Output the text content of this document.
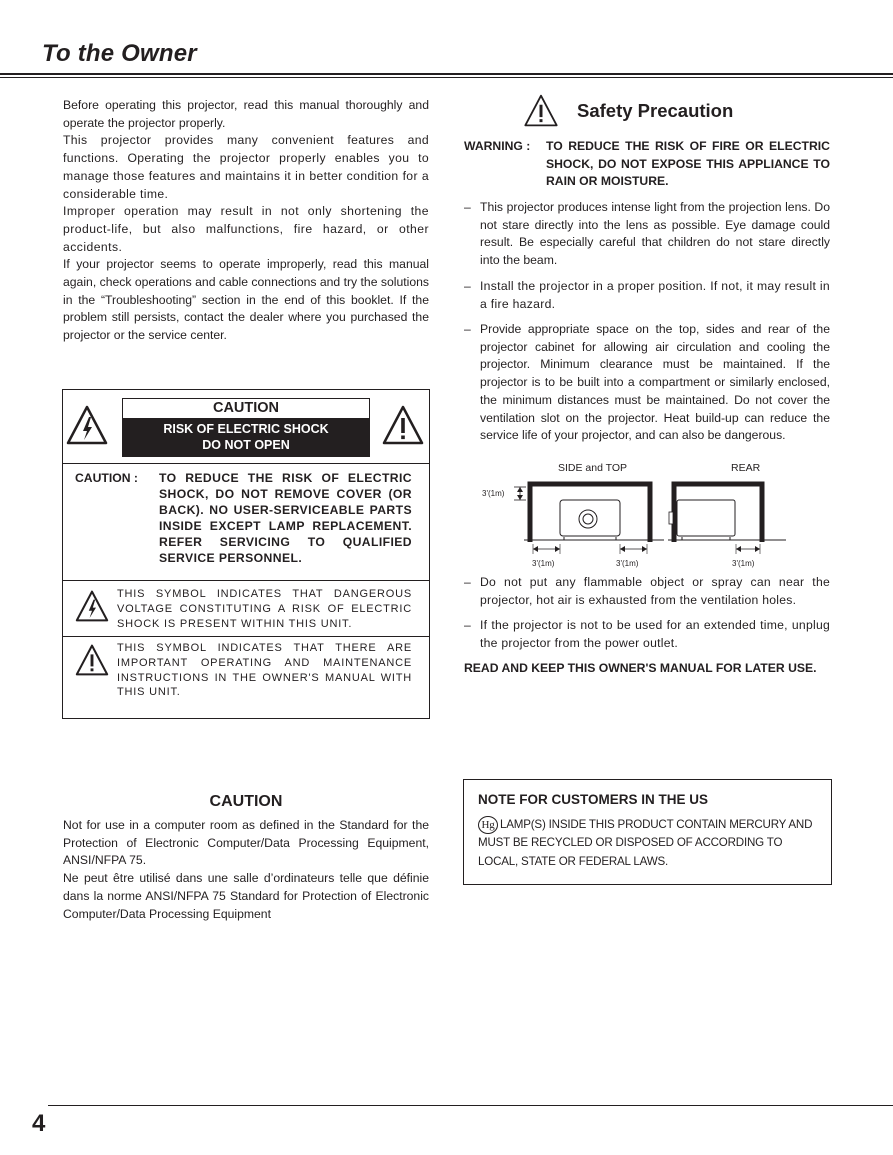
To the Owner

Before operating this projector, read this manual thoroughly and operate the projector properly.

This projector provides many convenient features and functions. Operating the projector properly enables you to manage those features and maintains it in better condition for a considerable time.

Improper operation may result in not only shortening the product-life, but also malfunctions, fire hazard, or other accidents.

If your projector seems to operate improperly, read this manual again, check operations and cable connections and try the solutions in the “Troubleshooting” section in the end of this booklet. If the problem still persists, contact the dealer where you purchased the projector or the service center.

CAUTION
RISK OF ELECTRIC SHOCK
DO NOT OPEN
CAUTION : TO REDUCE THE RISK OF ELECTRIC SHOCK, DO NOT REMOVE COVER (OR BACK). NO USER-SERVICEABLE PARTS INSIDE EXCEPT LAMP REPLACEMENT. REFER SERVICING TO QUALIFIED SERVICE PERSONNEL.
THIS SYMBOL INDICATES THAT DANGEROUS VOLTAGE CONSTITUTING A RISK OF ELECTRIC SHOCK IS PRESENT WITHIN THIS UNIT.
THIS SYMBOL INDICATES THAT THERE ARE IMPORTANT OPERATING AND MAINTENANCE INSTRUCTIONS IN THE OWNER'S MANUAL WITH THIS UNIT.
Safety Precaution
WARNING : TO REDUCE THE RISK OF FIRE OR ELECTRIC SHOCK, DO NOT EXPOSE THIS APPLIANCE TO RAIN OR MOISTURE.
– This projector produces intense light from the projection lens. Do not stare directly into the lens as possible. Eye damage could result. Be especially careful that children do not stare directly into the beam.
– Install the projector in a proper position. If not, it may result in a fire hazard.
– Provide appropriate space on the top, sides and rear of the projector cabinet for allowing air circulation and cooling the projector. Minimum clearance must be maintained. If the projector is to be built into a compartment or similarly enclosed, the minimum distances must be maintained. Do not cover the ventilation slot on the projector. Heat build-up can reduce the service life of your projector, and can also be dangerous.
SIDE and TOP	REAR
3'(1m)
3'(1m)	3'(1m)	3'(1m)
– Do not put any flammable object or spray can near the projector, hot air is exhausted from the ventilation holes.
– If the projector is not to be used for an extended time, unplug the projector from the power outlet.
READ AND KEEP THIS OWNER'S MANUAL FOR LATER USE.
CAUTION

Not for use in a computer room as defined in the Standard for the Protection of Electronic Computer/Data Processing Equipment, ANSI/NFPA 75.

Ne peut être utilisé dans une salle d’ordinateurs telle que définie dans la norme ANSI/NFPA 75 Standard for Protection of Electronic Computer/Data Processing Equipment

NOTE FOR CUSTOMERS IN THE US
Hg LAMP(S) INSIDE THIS PRODUCT CONTAIN MERCURY AND MUST BE RECYCLED OR DISPOSED OF ACCORDING TO LOCAL, STATE OR FEDERAL LAWS.
4
